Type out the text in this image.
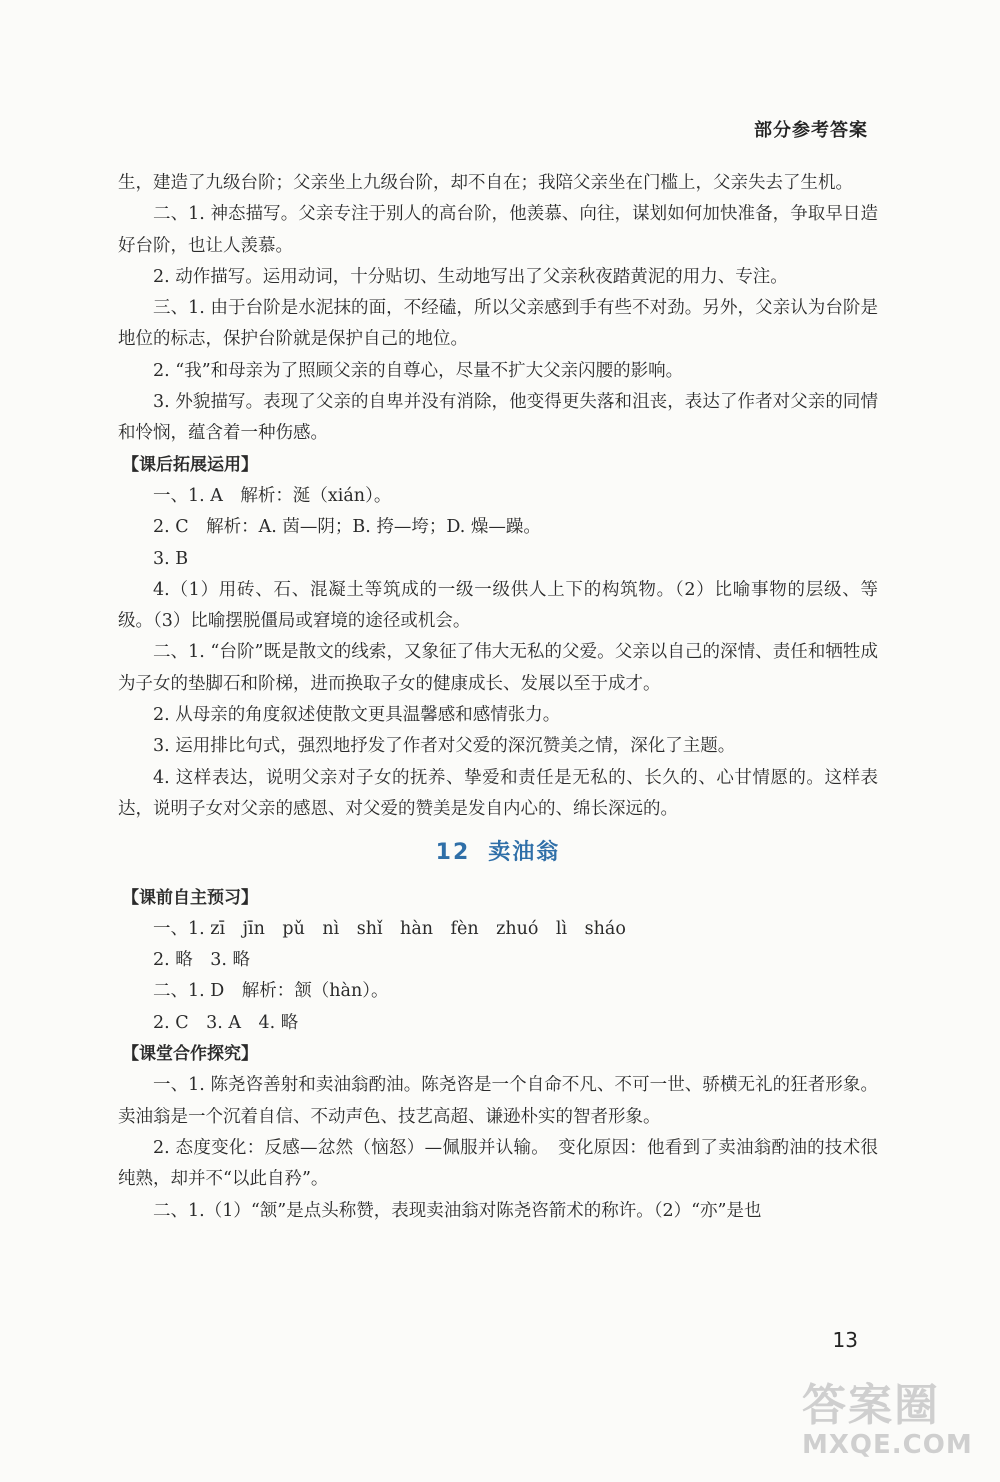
部分参考答案

生，建造了九级台阶；父亲坐上九级台阶，却不自在；我陪父亲坐在门槛上，父亲失去了生机。

二、1. 神态描写。父亲专注于别人的高台阶，他羡慕、向往，谋划如何加快准备，争取早日造好台阶，也让人羡慕。

2. 动作描写。运用动词，十分贴切、生动地写出了父亲秋夜踏黄泥的用力、专注。

三、1. 由于台阶是水泥抹的面，不经磕，所以父亲感到手有些不对劲。另外，父亲认为台阶是地位的标志，保护台阶就是保护自己的地位。

2. “我”和母亲为了照顾父亲的自尊心，尽量不扩大父亲闪腰的影响。

3. 外貌描写。表现了父亲的自卑并没有消除，他变得更失落和沮丧，表达了作者对父亲的同情和怜悯，蕴含着一种伤感。

【课后拓展运用】

一、1. A　解析：涎（xián）。

2. C　解析：A. 茵—阴；B. 挎—垮；D. 燥—躁。

3. B

4.（1）用砖、石、混凝土等筑成的一级一级供人上下的构筑物。（2）比喻事物的层级、等级。（3）比喻摆脱僵局或窘境的途径或机会。

二、1. “台阶”既是散文的线索，又象征了伟大无私的父爱。父亲以自己的深情、责任和牺牲成为子女的垫脚石和阶梯，进而换取子女的健康成长、发展以至于成才。

2. 从母亲的角度叙述使散文更具温馨感和感情张力。

3. 运用排比句式，强烈地抒发了作者对父爱的深沉赞美之情，深化了主题。

4. 这样表达，说明父亲对子女的抚养、挚爱和责任是无私的、长久的、心甘情愿的。这样表达，说明子女对父亲的感恩、对父爱的赞美是发自内心的、绵长深远的。

12 卖油翁

【课前自主预习】

一、1. zī　jīn　pǔ　nì　shǐ　hàn　fèn　zhuó　lì　sháo

2. 略　3. 略

二、1. D　解析：颔（hàn）。

2. C　3. A　4. 略

【课堂合作探究】

一、1. 陈尧咨善射和卖油翁酌油。陈尧咨是一个自命不凡、不可一世、骄横无礼的狂者形象。卖油翁是一个沉着自信、不动声色、技艺高超、谦逊朴实的智者形象。

2. 态度变化：反感—忿然（恼怒）—佩服并认输。　变化原因：他看到了卖油翁酌油的技术很纯熟，却并不“以此自矜”。

二、1.（1）“颔”是点头称赞，表现卖油翁对陈尧咨箭术的称许。（2）“亦”是也

13
答案圈
MXQE.COM
